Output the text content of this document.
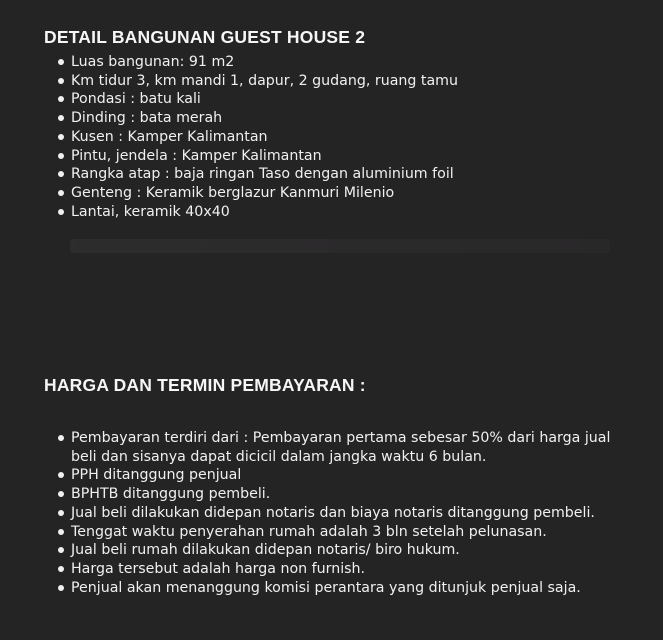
DETAIL BANGUNAN GUEST HOUSE 2
Luas bangunan: 91 m2
Km tidur 3, km mandi 1, dapur, 2 gudang, ruang tamu
Pondasi : batu kali
Dinding : bata merah
Kusen : Kamper Kalimantan
Pintu, jendela : Kamper Kalimantan
Rangka atap : baja ringan Taso dengan aluminium foil
Genteng : Keramik berglazur Kanmuri Milenio
Lantai, keramik 40x40
HARGA DAN TERMIN PEMBAYARAN :
Pembayaran terdiri dari : Pembayaran pertama sebesar 50% dari harga jual beli dan sisanya dapat dicicil dalam jangka waktu 6 bulan.
PPH ditanggung penjual
BPHTB ditanggung pembeli.
Jual beli dilakukan didepan notaris dan biaya notaris ditanggung pembeli.
Tenggat waktu penyerahan rumah adalah 3 bln setelah pelunasan.
Jual beli rumah dilakukan didepan notaris/ biro hukum.
Harga tersebut adalah harga non furnish.
Penjual akan menanggung komisi perantara yang ditunjuk penjual saja.
